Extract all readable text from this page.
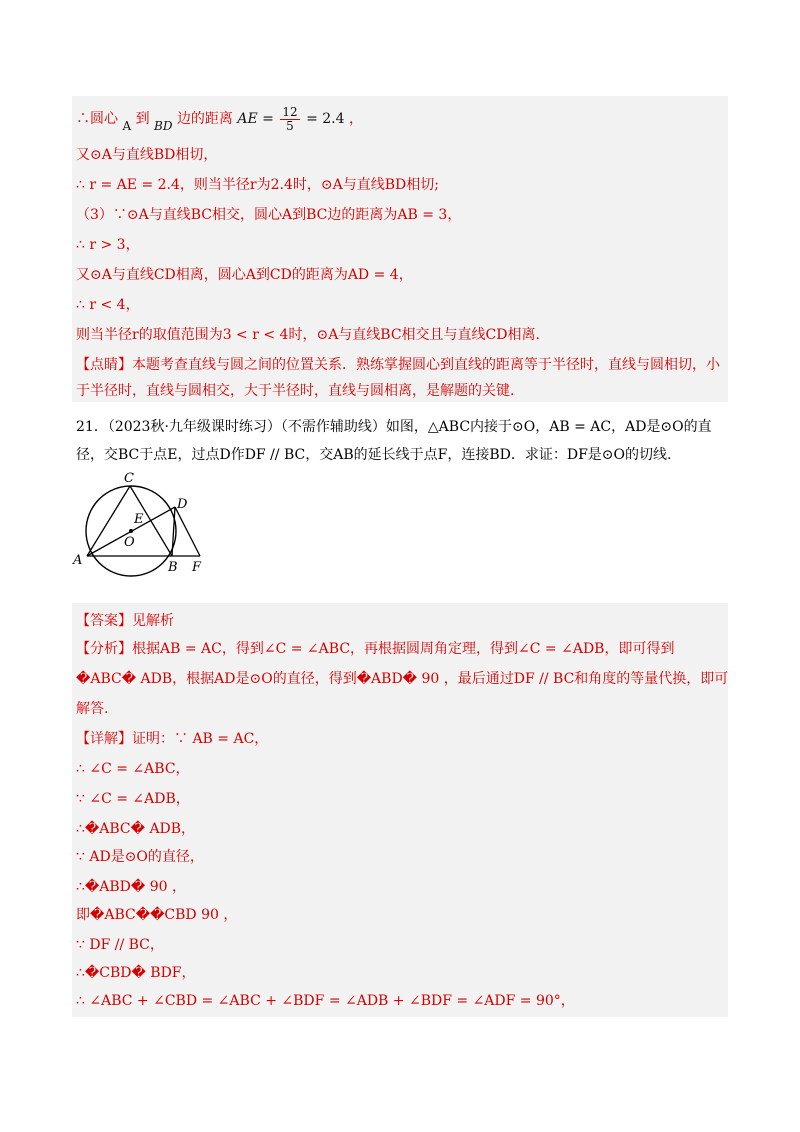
∴圆心 A 到 BD 边的距离 AE = $\frac{12}{5} = 2.4$ ，
又⊙A与直线BD相切，
∴ r = AE = 2.4，则当半径r为2.4时，⊙A与直线BD相切;
（3）∵⊙A与直线BC相交，圆心A到BC边的距离为AB = 3，
∴ r > 3，
又⊙A与直线CD相离，圆心A到CD的距离为AD = 4，
∴ r < 4，
则当半径r的取值范围为3 < r < 4时，⊙A与直线BC相交且与直线CD相离.
【点睛】本题考查直线与圆之间的位置关系．熟练掌握圆心到直线的距离等于半径时，直线与圆相切，小
于半径时，直线与圆相交，大于半径时，直线与圆相离，是解题的关键.
21．（2023秋·九年级课时练习）（不需作辅助线）如图，△ABC内接于⊙O，AB = AC，AD是⊙O的直
径，交BC于点E，过点D作DF // BC，交AB的延长线于点F，连接BD．求证：DF是⊙O的切线.
C
D
E
O
A	B F
【答案】见解析
【分析】根据AB = AC，得到∠C = ∠ABC，再根据圆周角定理，得到∠C = ∠ADB，即可得到
�ABC� ADB，根据AD是⊙O的直径，得到�ABD� 90 ，最后通过DF // BC和角度的等量代换，即可
解答.
【详解】证明：∵ AB = AC，
∴ ∠C = ∠ABC，
∵ ∠C = ∠ADB，
∴�ABC� ADB，
∵ AD是⊙O的直径，
∴�ABD� 90 ，
即�ABC��CBD 90 ，
∵ DF // BC，
∴�CBD� BDF，
∴ ∠ABC + ∠CBD = ∠ABC + ∠BDF = ∠ADB + ∠BDF = ∠ADF = 90°，
